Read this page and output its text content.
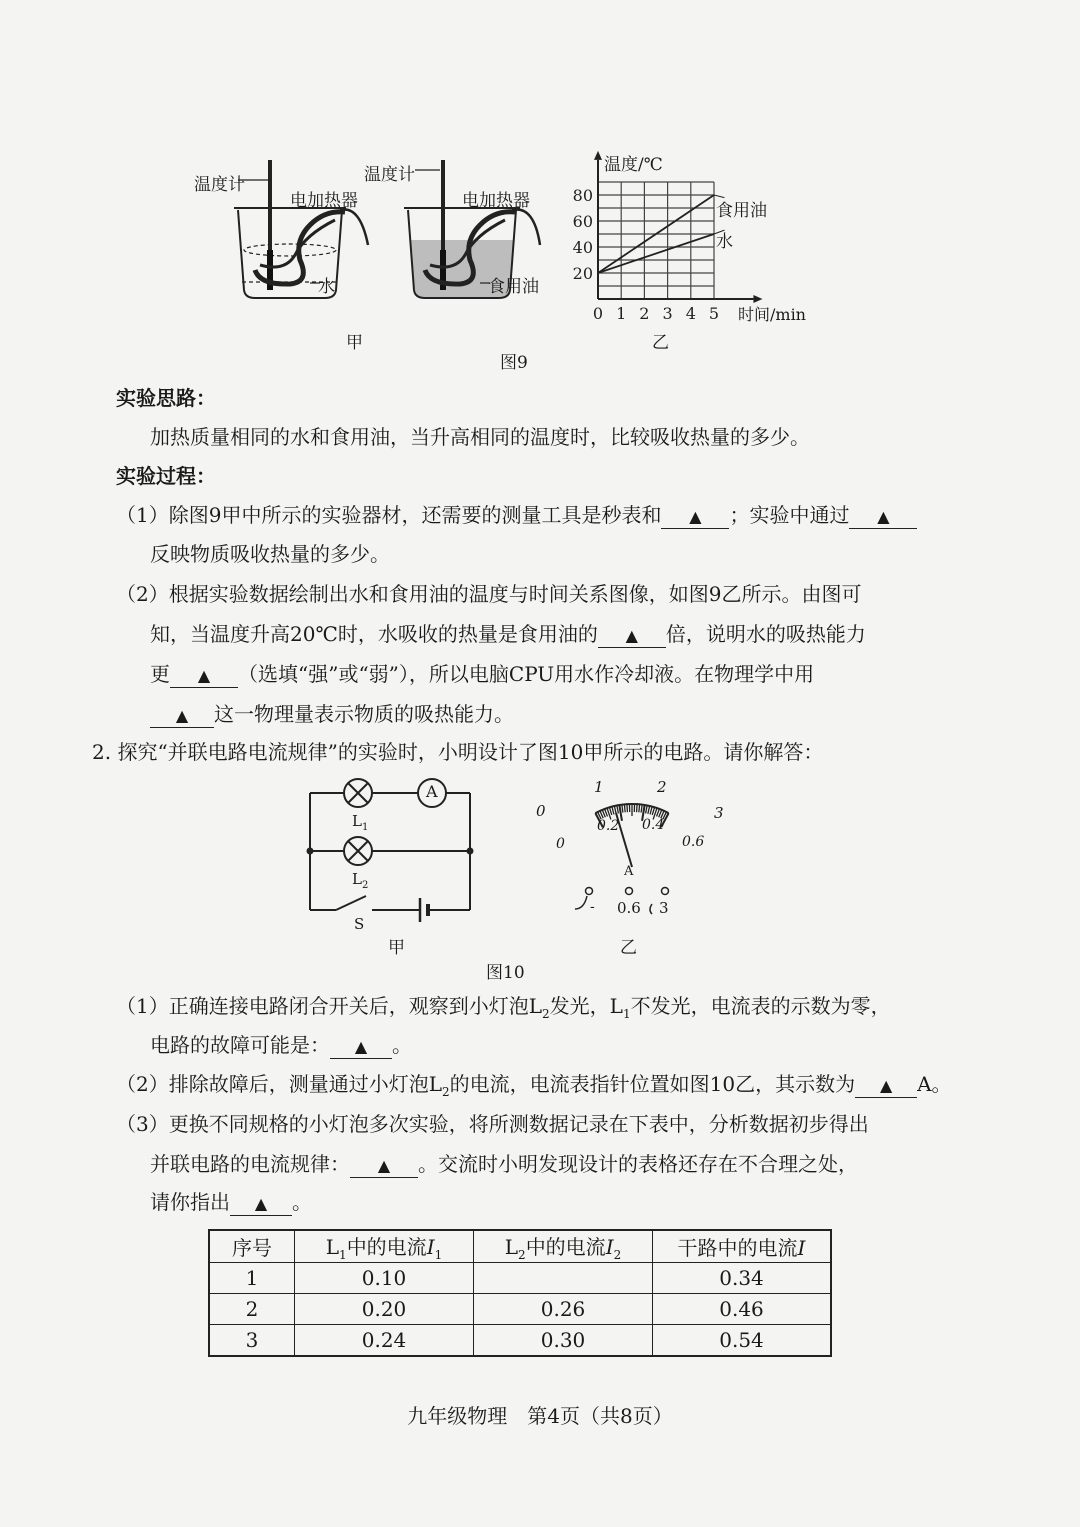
0 1 2 3 4 5
20
40
60
80
温度计
电加热器
水
温度计
电加热器
食用油
甲	乙
图9
温度/℃
时间/min
食用油
水
实验思路：
加热质量相同的水和食用油，当升高相同的温度时，比较吸收热量的多少。
实验过程：
（1）除图9甲中所示的实验器材，还需要的测量工具是秒表和 ▲ ；实验中通过 ▲
反映物质吸收热量的多少。
（2）根据实验数据绘制出水和食用油的温度与时间关系图像，如图9乙所示。由图可
知，当温度升高20℃时，水吸收的热量是食用油的 ▲ 倍，说明水的吸热能力
更 ▲ （选填“强”或“弱”），所以电脑CPU用水作冷却液。在物理学中用
▲ 这一物理量表示物质的吸热能力。
2. 探究“并联电路电流规律”的实验时，小明设计了图10甲所示的电路。请你解答：
A
$L_1$
$L_2$
S
甲
0
1	2
3
0
0.2 0.4
0.6
A
- 0.6 3
乙
图10
（1）正确连接电路闭合开关后，观察到小灯泡$L_2$发光，$L_1$不发光，电流表的示数为零，
电路的故障可能是： ▲ 。
（2）排除故障后，测量通过小灯泡$L_2$的电流，电流表指针位置如图10乙，其示数为 ▲ A。
（3）更换不同规格的小灯泡多次实验，将所测数据记录在下表中，分析数据初步得出
并联电路的电流规律： ▲ 。交流时小明发现设计的表格还存在不合理之处，
请你指出 ▲ 。
序号	$L_1$中的电流$I_1$	$L_2$中的电流$I_2$	干路中的电流I
1	0.10		0.34
2	0.20	0.26	0.46
3	0.24	0.30	0.54
九年级物理　第4页（共8页）
